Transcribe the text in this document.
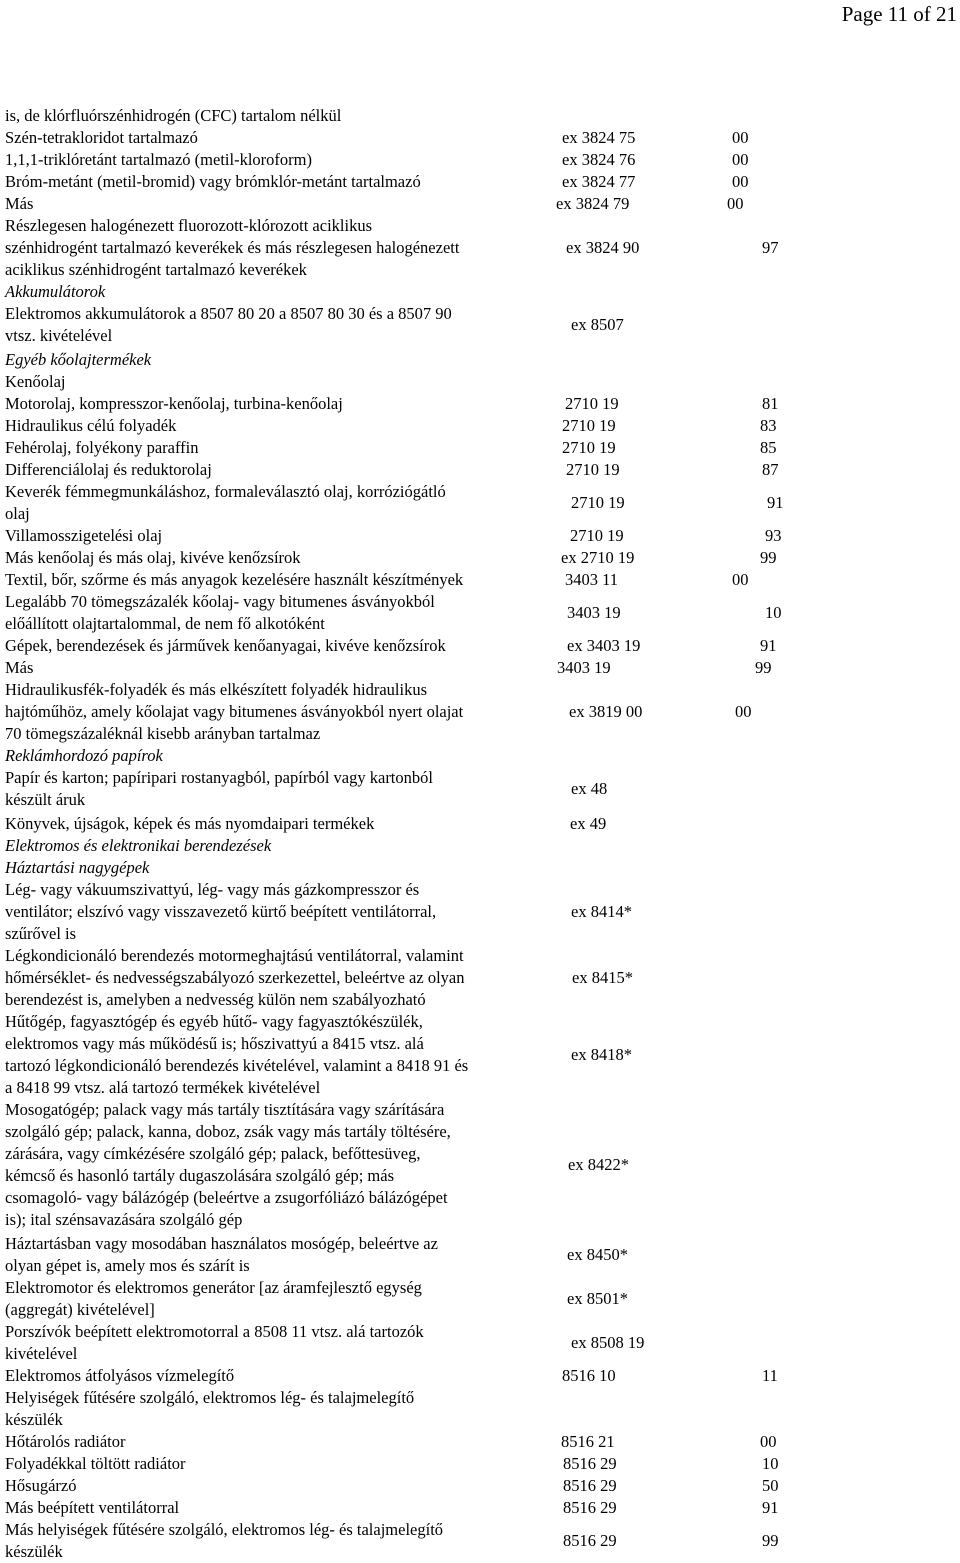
Page 11 of 21
is, de klórfluórszénhidrogén (CFC) tartalom nélkül
Szén-tetrakloridot tartalmazó	ex 3824 75	00
1,1,1-triklóretánt tartalmazó (metil-kloroform)	ex 3824 76	00
Bróm-metánt (metil-bromid) vagy brómklór-metánt tartalmazó	ex 3824 77	00
Más	ex 3824 79	00
Részlegesen halogénezett fluorozott-klórozott aciklikus
szénhidrogént tartalmazó keverékek és más részlegesen halogénezett
aciklikus szénhidrogént tartalmazó keverékek
ex 3824 90	97
Akkumulátorok
Elektromos akkumulátorok a 8507 80 20 a 8507 80 30 és a 8507 90
vtsz. kivételével
ex 8507
Egyéb kőolajtermékek
Kenőolaj
Motorolaj, kompresszor-kenőolaj, turbina-kenőolaj	2710 19	81
Hidraulikus célú folyadék	2710 19	83
Fehérolaj, folyékony paraffin	2710 19	85
Differenciálolaj és reduktorolaj	2710 19	87
Keverék fémmegmunkáláshoz, formaleválasztó olaj, korróziógátló
olaj
2710 19	91
Villamosszigetelési olaj	2710 19	93
Más kenőolaj és más olaj, kivéve kenőzsírok	ex 2710 19	99
Textil, bőr, szőrme és más anyagok kezelésére használt készítmények	3403 11	00
Legalább 70 tömegszázalék kőolaj- vagy bitumenes ásványokból
előállított olajtartalommal, de nem fő alkotóként
3403 19	10
Gépek, berendezések és járművek kenőanyagai, kivéve kenőzsírok	ex 3403 19	91
Más	3403 19	99
Hidraulikusfék-folyadék és más elkészített folyadék hidraulikus
hajtóműhöz, amely kőolajat vagy bitumenes ásványokból nyert olajat
70 tömegszázaléknál kisebb arányban tartalmaz
ex 3819 00	00
Reklámhordozó papírok
Papír és karton; papíripari rostanyagból, papírból vagy kartonból
készült áruk
ex 48
Könyvek, újságok, képek és más nyomdaipari termékek	ex 49
Elektromos és elektronikai berendezések
Háztartási nagygépek
Lég- vagy vákuumszivattyú, lég- vagy más gázkompresszor és
ventilátor; elszívó vagy visszavezető kürtő beépített ventilátorral,
szűrővel is
ex 8414*
Légkondicionáló berendezés motormeghajtású ventilátorral, valamint
hőmérséklet- és nedvességszabályozó szerkezettel, beleértve az olyan
berendezést is, amelyben a nedvesség külön nem szabályozható
ex 8415*
Hűtőgép, fagyasztógép és egyéb hűtő- vagy fagyasztókészülék,
elektromos vagy más működésű is; hőszivattyú a 8415 vtsz. alá
tartozó légkondicionáló berendezés kivételével, valamint a 8418 91 és
a 8418 99 vtsz. alá tartozó termékek kivételével
ex 8418*
Mosogatógép; palack vagy más tartály tisztítására vagy szárítására
szolgáló gép; palack, kanna, doboz, zsák vagy más tartály töltésére,
zárására, vagy címkézésére szolgáló gép; palack, befőttesüveg,
kémcső és hasonló tartály dugaszolására szolgáló gép; más
csomagoló- vagy bálázógép (beleértve a zsugorfóliázó bálázógépet
is); ital szénsavazására szolgáló gép
ex 8422*
Háztartásban vagy mosodában használatos mosógép, beleértve az
olyan gépet is, amely mos és szárít is
ex 8450*
Elektromotor és elektromos generátor [az áramfejlesztő egység
(aggregát) kivételével]
ex 8501*
Porszívók beépített elektromotorral a 8508 11 vtsz. alá tartozók
kivételével
ex 8508 19
Elektromos átfolyásos vízmelegítő	8516 10	11
Helyiségek fűtésére szolgáló, elektromos lég- és talajmelegítő
készülék
Hőtárolós radiátor	8516 21	00
Folyadékkal töltött radiátor	8516 29	10
Hősugárzó	8516 29	50
Más beépített ventilátorral	8516 29	91
Más helyiségek fűtésére szolgáló, elektromos lég- és talajmelegítő
készülék
8516 29	99
